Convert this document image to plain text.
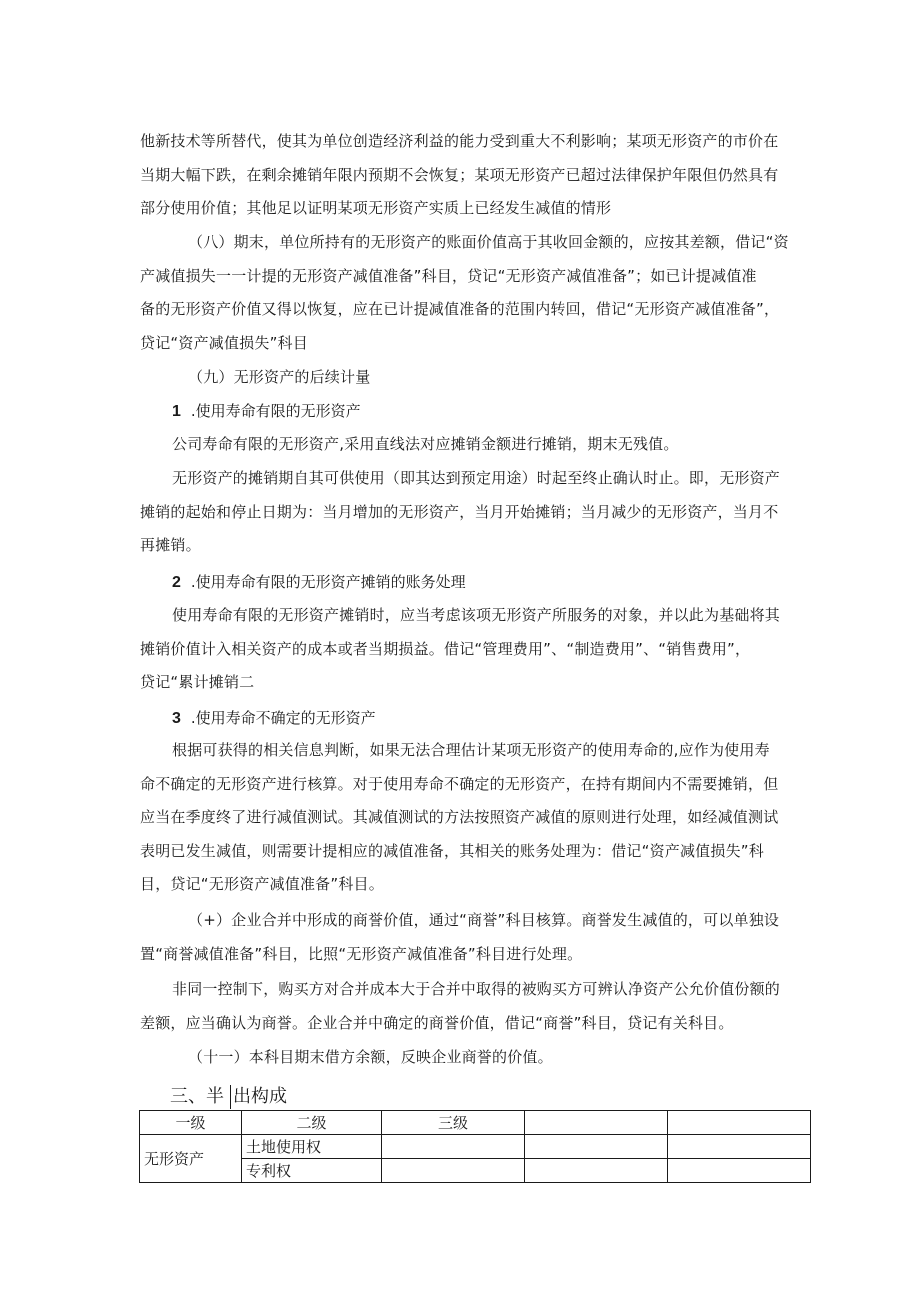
他新技术等所替代，使其为单位创造经济利益的能力受到重大不利影响；某项无形资产的市价在
当期大幅下跌，在剩余摊销年限内预期不会恢复；某项无形资产已超过法律保护年限但仍然具有
部分使用价值；其他足以证明某项无形资产实质上已经发生减值的情形
（八）期末，单位所持有的无形资产的账面价值高于其收回金额的，应按其差额，借记“资
产减值损失一一计提的无形资产减值准备”科目，贷记“无形资产减值准备”；如已计提减值准
备的无形资产价值又得以恢复，应在已计提减值准备的范围内转回，借记“无形资产减值准备”，
贷记“资产减值损失”科目
（九）无形资产的后续计量

1 .使用寿命有限的无形资产

公司寿命有限的无形资产,采用直线法对应摊销金额进行摊销，期末无残值。
无形资产的摊销期自其可供使用（即其达到预定用途）时起至终止确认时止。即，无形资产
摊销的起始和停止日期为：当月增加的无形资产，当月开始摊销；当月减少的无形资产，当月不
再摊销。

2 .使用寿命有限的无形资产摊销的账务处理

使用寿命有限的无形资产摊销时，应当考虑该项无形资产所服务的对象，并以此为基础将其
摊销价值计入相关资产的成本或者当期损益。借记“管理费用”、“制造费用”、“销售费用”，
贷记“累计摊销二

3 .使用寿命不确定的无形资产

根据可获得的相关信息判断，如果无法合理估计某项无形资产的使用寿命的,应作为使用寿
命不确定的无形资产进行核算。对于使用寿命不确定的无形资产，在持有期间内不需要摊销，但
应当在季度终了进行减值测试。其减值测试的方法按照资产减值的原则进行处理，如经减值测试
表明已发生减值，则需要计提相应的减值准备，其相关的账务处理为：借记“资产减值损失”科
目，贷记“无形资产减值准备”科目。
（+）企业合并中形成的商誉价值，通过“商誉”科目核算。商誉发生减值的，可以单独设
置“商誉减值准备”科目，比照“无形资产减值准备”科目进行处理。
非同一控制下，购买方对合并成本大于合并中取得的被购买方可辨认净资产公允价值份额的
差额，应当确认为商誉。企业合并中确定的商誉价值，借记“商誉”科目，贷记有关科目。
（十一）本科目期末借方余额，反映企业商誉的价值。
三、半 出构成
一级	二级	三级		
无形资产	土地使用权			
	专利权			
